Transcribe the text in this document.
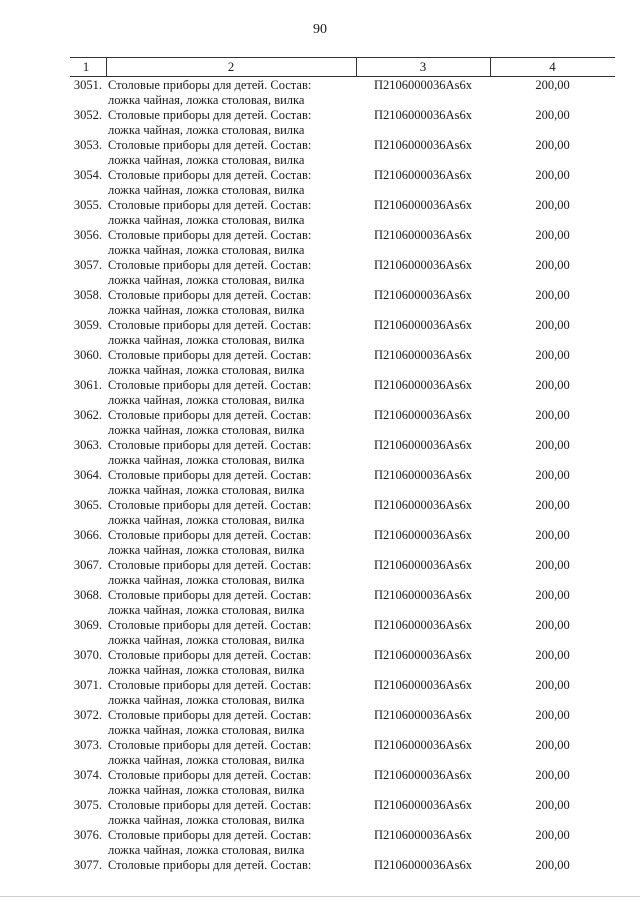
90
1	2	3	4
3051. Столовые приборы для детей. Состав:
ложка чайная, ложка столовая, вилка
П2106000036Аs6x	200,00
3052. Столовые приборы для детей. Состав:
ложка чайная, ложка столовая, вилка
П2106000036Аs6x	200,00
3053. Столовые приборы для детей. Состав:
ложка чайная, ложка столовая, вилка
П2106000036Аs6x	200,00
3054. Столовые приборы для детей. Состав:
ложка чайная, ложка столовая, вилка
П2106000036Аs6x	200,00
3055. Столовые приборы для детей. Состав:
ложка чайная, ложка столовая, вилка
П2106000036Аs6x	200,00
3056. Столовые приборы для детей. Состав:
ложка чайная, ложка столовая, вилка
П2106000036Аs6x	200,00
3057. Столовые приборы для детей. Состав:
ложка чайная, ложка столовая, вилка
П2106000036Аs6x	200,00
3058. Столовые приборы для детей. Состав:
ложка чайная, ложка столовая, вилка
П2106000036Аs6x	200,00
3059. Столовые приборы для детей. Состав:
ложка чайная, ложка столовая, вилка
П2106000036Аs6x	200,00
3060. Столовые приборы для детей. Состав:
ложка чайная, ложка столовая, вилка
П2106000036Аs6x	200,00
3061. Столовые приборы для детей. Состав:
ложка чайная, ложка столовая, вилка
П2106000036Аs6x	200,00
3062. Столовые приборы для детей. Состав:
ложка чайная, ложка столовая, вилка
П2106000036Аs6x	200,00
3063. Столовые приборы для детей. Состав:
ложка чайная, ложка столовая, вилка
П2106000036Аs6x	200,00
3064. Столовые приборы для детей. Состав:
ложка чайная, ложка столовая, вилка
П2106000036Аs6x	200,00
3065. Столовые приборы для детей. Состав:
ложка чайная, ложка столовая, вилка
П2106000036Аs6x	200,00
3066. Столовые приборы для детей. Состав:
ложка чайная, ложка столовая, вилка
П2106000036Аs6x	200,00
3067. Столовые приборы для детей. Состав:
ложка чайная, ложка столовая, вилка
П2106000036Аs6x	200,00
3068. Столовые приборы для детей. Состав:
ложка чайная, ложка столовая, вилка
П2106000036Аs6x	200,00
3069. Столовые приборы для детей. Состав:
ложка чайная, ложка столовая, вилка
П2106000036Аs6x	200,00
3070. Столовые приборы для детей. Состав:
ложка чайная, ложка столовая, вилка
П2106000036Аs6x	200,00
3071. Столовые приборы для детей. Состав:
ложка чайная, ложка столовая, вилка
П2106000036Аs6x	200,00
3072. Столовые приборы для детей. Состав:
ложка чайная, ложка столовая, вилка
П2106000036Аs6x	200,00
3073. Столовые приборы для детей. Состав:
ложка чайная, ложка столовая, вилка
П2106000036Аs6x	200,00
3074. Столовые приборы для детей. Состав:
ложка чайная, ложка столовая, вилка
П2106000036Аs6x	200,00
3075. Столовые приборы для детей. Состав:
ложка чайная, ложка столовая, вилка
П2106000036Аs6x	200,00
3076. Столовые приборы для детей. Состав:
ложка чайная, ложка столовая, вилка
П2106000036Аs6x	200,00
3077. Столовые приборы для детей. Состав:	П2106000036Аs6x	200,00
